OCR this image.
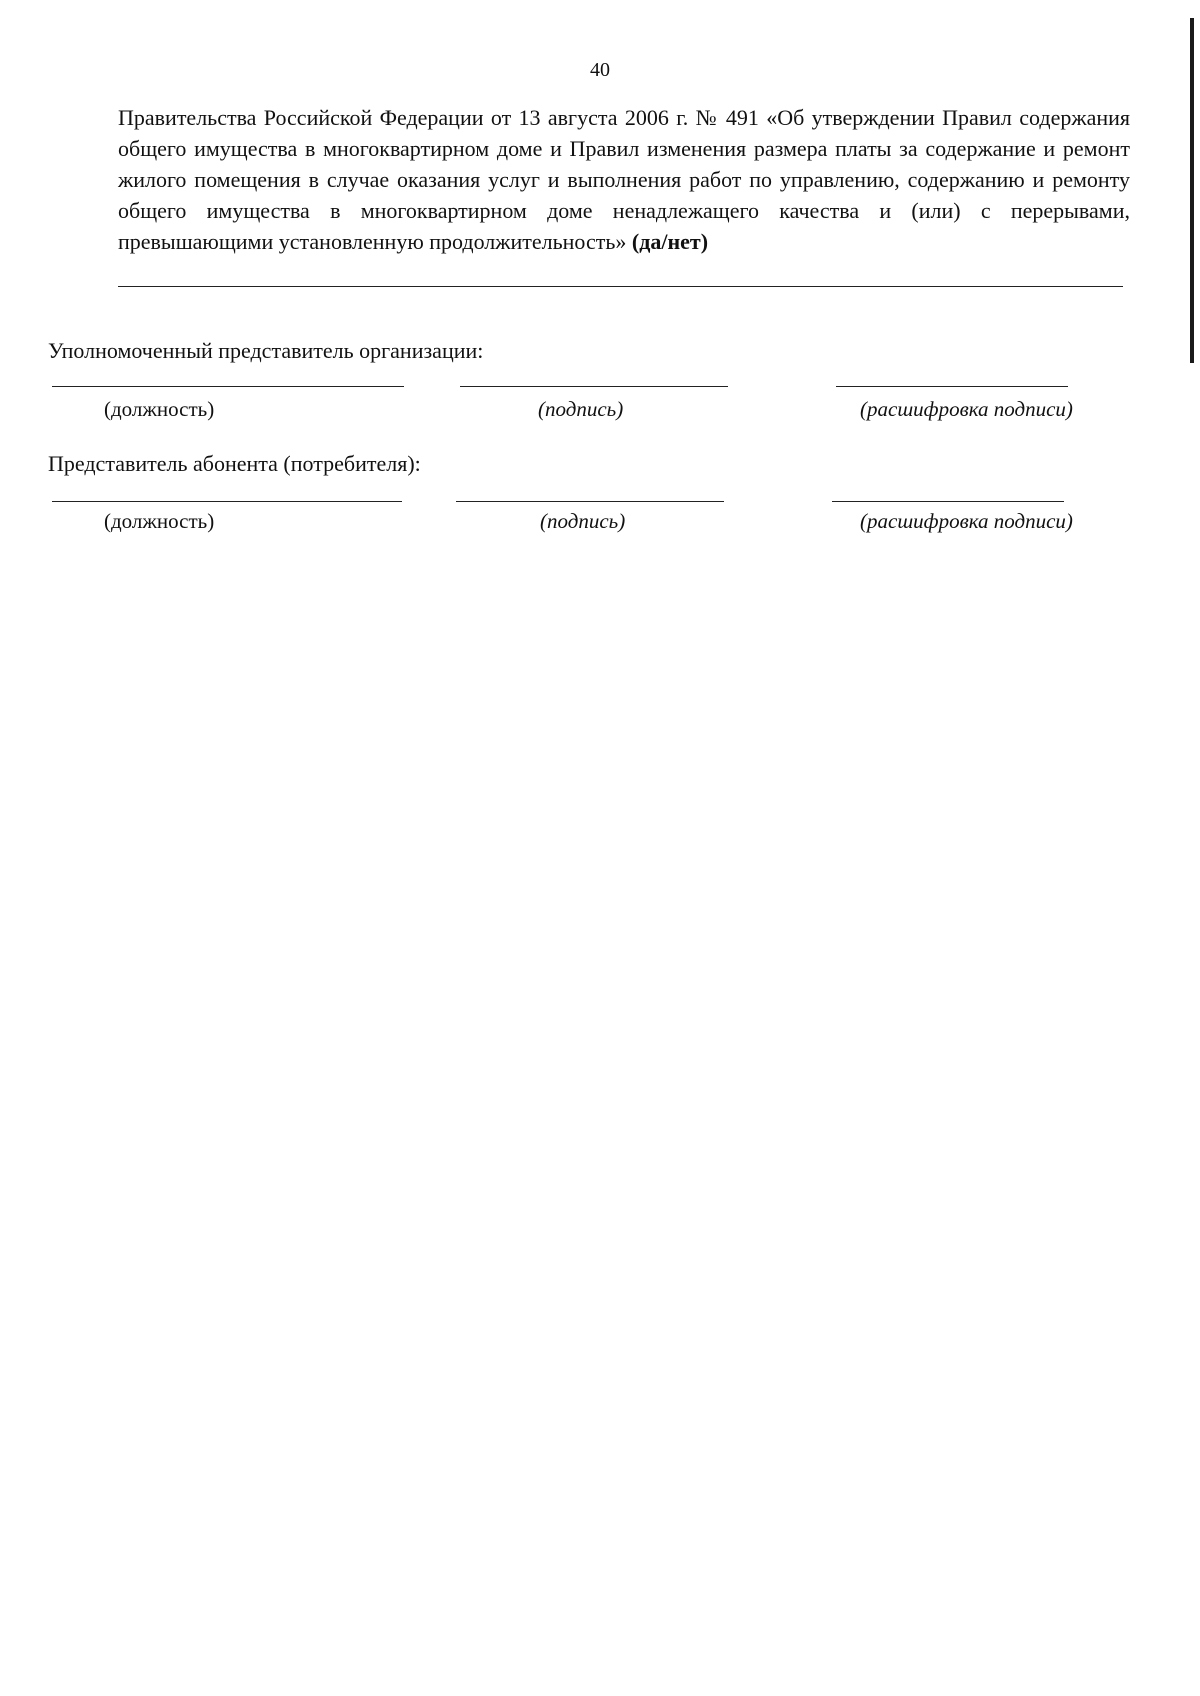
40

Правительства Российской Федерации от 13 августа 2006 г. № 491 «Об утверждении Правил содержания общего имущества в многоквартирном доме и Правил изменения размера платы за содержание и ремонт жилого помещения в случае оказания услуг и выполнения работ по управлению, содержанию и ремонту общего имущества в многоквартирном доме ненадлежащего качества и (или) с перерывами, превышающими установленную продолжительность» (да/нет)

Уполномоченный представитель организации:
(должность)	(подпись)	(расшифровка подписи)
Представитель абонента (потребителя):
(должность)	(подпись)	(расшифровка подписи)
